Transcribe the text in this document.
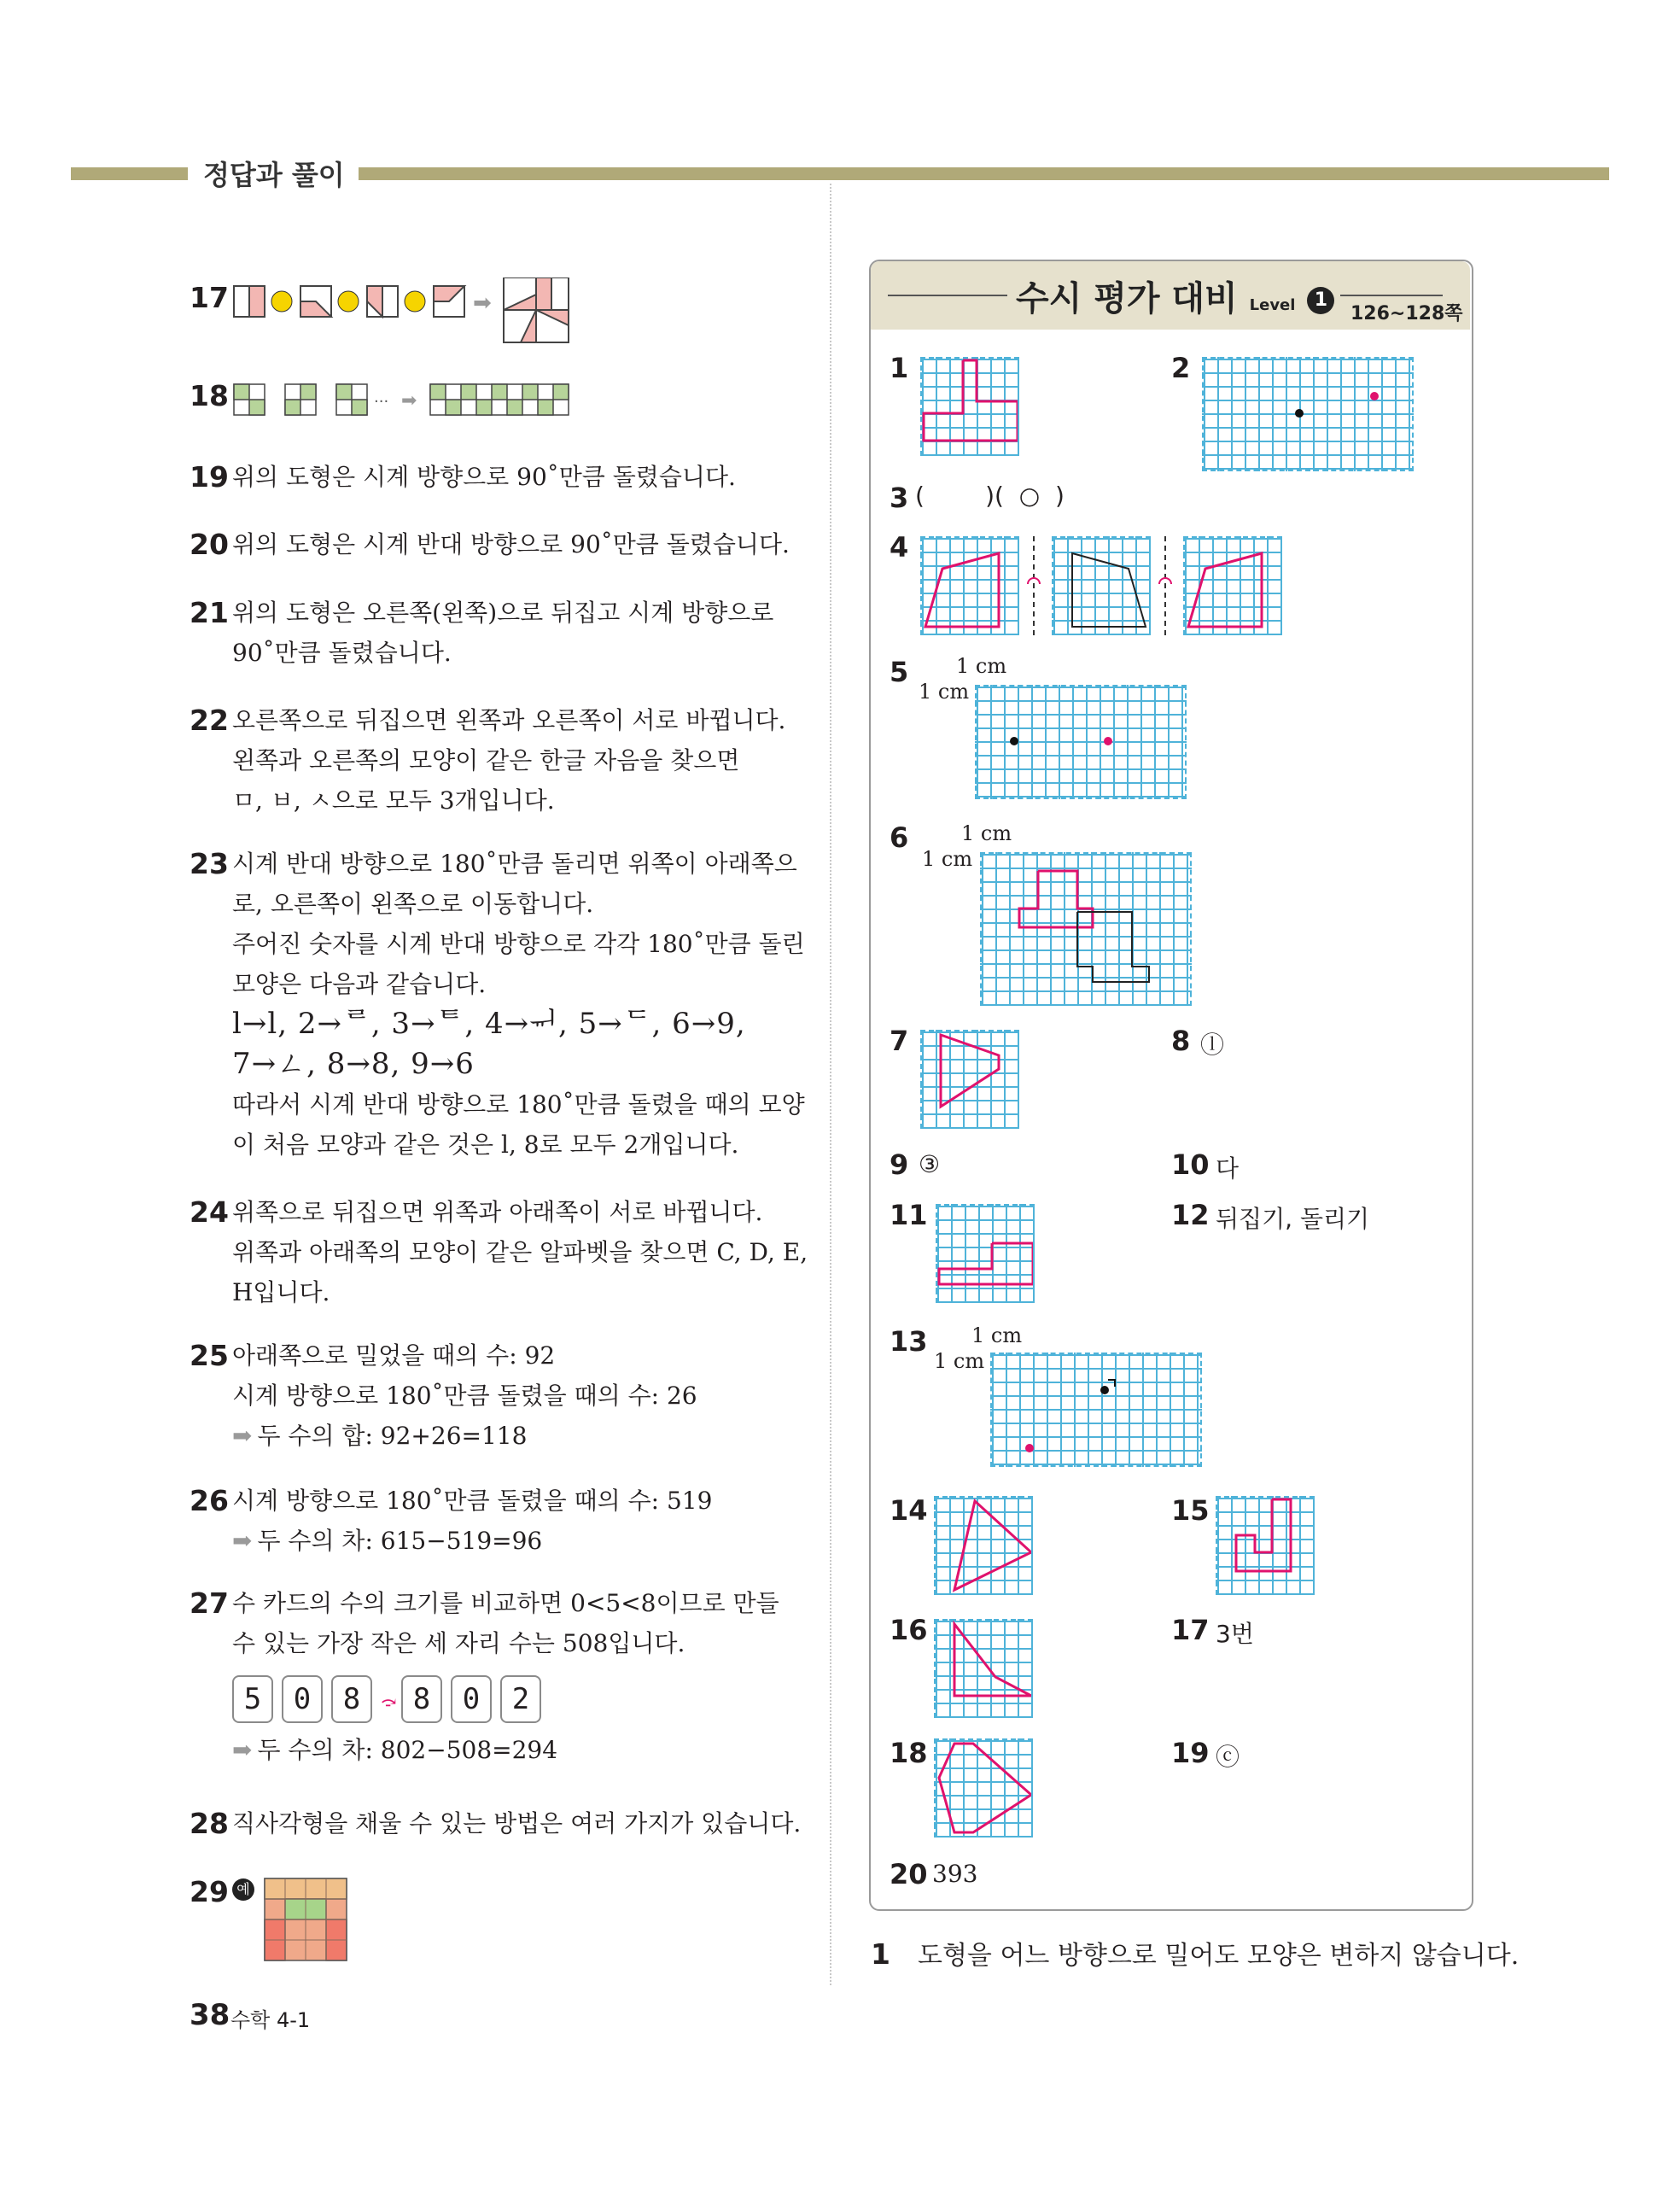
정답과 풀이
17	➡
18	··· ➡
19 위의 도형은 시계 방향으로 90˚만큼 돌렸습니다.
20 위의 도형은 시계 반대 방향으로 90˚만큼 돌렸습니다.
21 위의 도형은 오른쪽(왼쪽)으로 뒤집고 시계 방향으로
90˚만큼 돌렸습니다.
22 오른쪽으로 뒤집으면 왼쪽과 오른쪽이 서로 바뀝니다.
왼쪽과 오른쪽의 모양이 같은 한글 자음을 찾으면
ㅁ, ㅂ, ㅅ으로 모두 3개입니다.
23 시계 반대 방향으로 180˚만큼 돌리면 위쪽이 아래쪽으
로, 오른쪽이 왼쪽으로 이동합니다.
주어진 숫자를 시계 반대 방향으로 각각 180˚만큼 돌린
모양은 다음과 같습니다.
l→l, 2→ᄅ, 3→ᄐ, 4→ᆔ, 5→ᄃ, 6→9,
7→ㄥ, 8→8, 9→6
따라서 시계 반대 방향으로 180˚만큼 돌렸을 때의 모양
이 처음 모양과 같은 것은 l, 8로 모두 2개입니다.
24 위쪽으로 뒤집으면 위쪽과 아래쪽이 서로 바뀝니다.
위쪽과 아래쪽의 모양이 같은 알파벳을 찾으면 C, D, E,
H입니다.
25 아래쪽으로 밀었을 때의 수: 92
시계 방향으로 180˚만큼 돌렸을 때의 수: 26
➡ 두 수의 합: 92+26=118
26 시계 방향으로 180˚만큼 돌렸을 때의 수: 519
➡ 두 수의 차: 615−519=96
27 수 카드의 수의 크기를 비교하면 0<5<8이므로 만들
수 있는 가장 작은 세 자리 수는 508입니다.
5 0 8 ⤼ 8 0 2
➡ 두 수의 차: 802−508=294
28 직사각형을 채울 수 있는 방법은 여러 가지가 있습니다.
29 예
38 수학 4-1
수시 평가 대비 Level 1
126~128쪽
1	2
3 (        )(  ○  )
4
5 1 cm
1 cm
6	1 cm
1 cm
7	8 ⓛ
9 ③	10 다
11	12 뒤집기, 돌리기
13 1 cm
1 cm
14	15
16	17 3번
18	19 ⓒ
20 393
1 도형을 어느 방향으로 밀어도 모양은 변하지 않습니다.
